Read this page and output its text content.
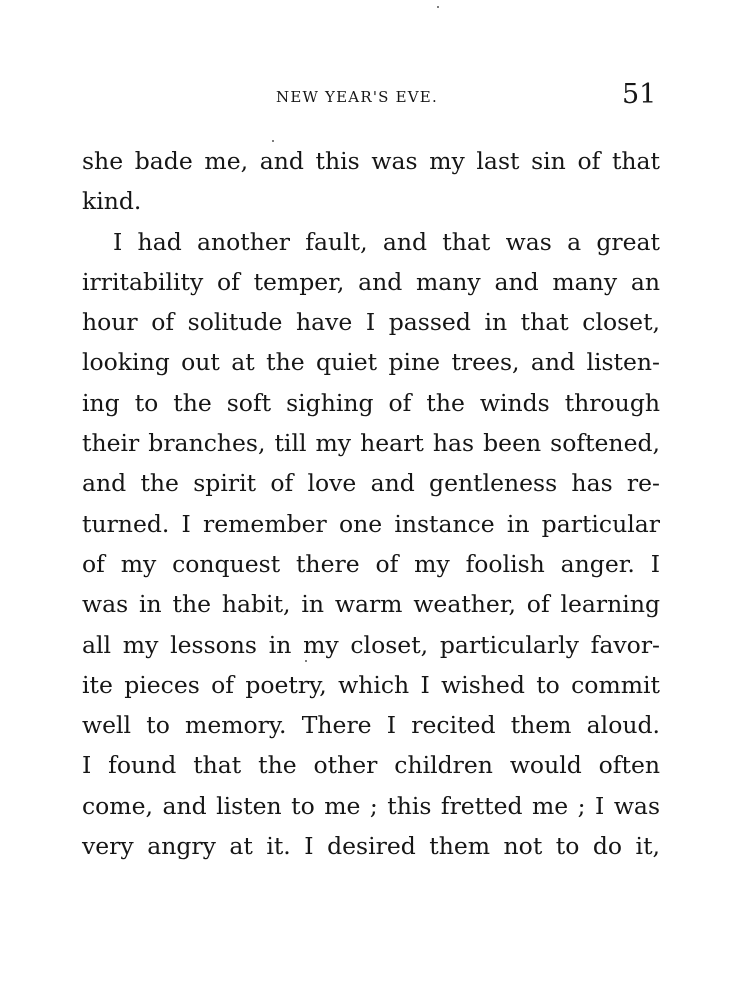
NEW YEAR'S EVE.	51
she bade me, and this was my last sin of that
kind.
I had another fault, and that was a great
irritability of temper, and many and many an
hour of solitude have I passed in that closet,
looking out at the quiet pine trees, and listen-
ing to the soft sighing of the winds through
their branches, till my heart has been softened,
and the spirit of love and gentleness has re-
turned. I remember one instance in particular
of my conquest there of my foolish anger. I
was in the habit, in warm weather, of learning
all my lessons in my closet, particularly favor-
ite pieces of poetry, which I wished to commit
well to memory. There I recited them aloud.
I found that the other children would often
come, and listen to me ; this fretted me ; I was
very angry at it. I desired them not to do it,
